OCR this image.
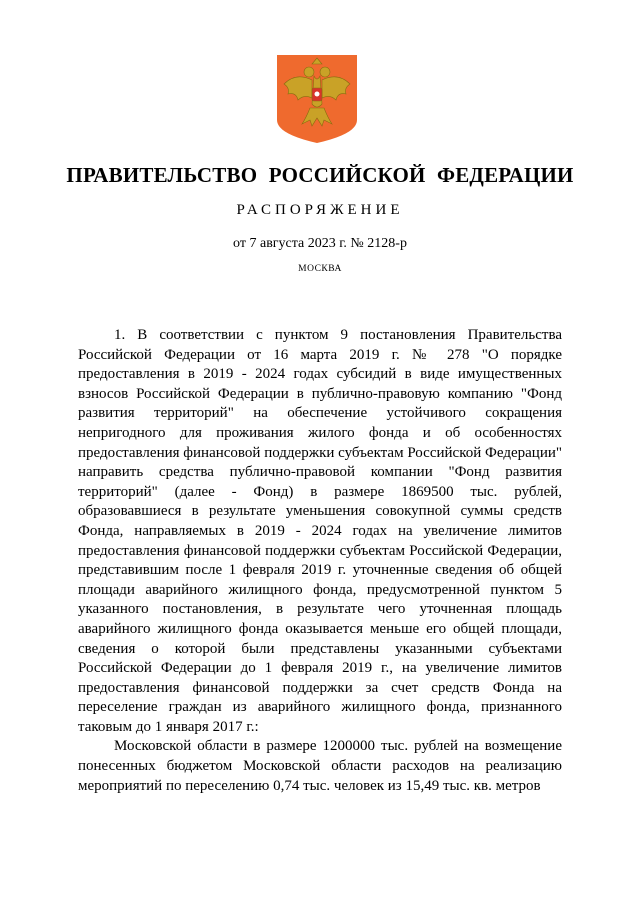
ПРАВИТЕЛЬСТВО РОССИЙСКОЙ ФЕДЕРАЦИИ
РАСПОРЯЖЕНИЕ
от 7 августа 2023 г. № 2128-р
МОСКВА

1. В соответствии с пунктом 9 постановления Правительства Российской Федерации от 16 марта 2019 г. № 278 "О порядке предоставления в 2019 - 2024 годах субсидий в виде имущественных взносов Российской Федерации в публично-правовую компанию "Фонд развития территорий" на обеспечение устойчивого сокращения непригодного для проживания жилого фонда и об особенностях предоставления финансовой поддержки субъектам Российской Федерации" направить средства публично-правовой компании "Фонд развития территорий" (далее - Фонд) в размере 1869500 тыс. рублей, образовавшиеся в результате уменьшения совокупной суммы средств Фонда, направляемых в 2019 - 2024 годах на увеличение лимитов предоставления финансовой поддержки субъектам Российской Федерации, представившим после 1 февраля 2019 г. уточненные сведения об общей площади аварийного жилищного фонда, предусмотренной пунктом 5 указанного постановления, в результате чего уточненная площадь аварийного жилищного фонда оказывается меньше его общей площади, сведения о которой были представлены указанными субъектами Российской Федерации до 1 февраля 2019 г., на увеличение лимитов предоставления финансовой поддержки за счет средств Фонда на переселение граждан из аварийного жилищного фонда, признанного таковым до 1 января 2017 г.:

Московской области в размере 1200000 тыс. рублей на возмещение понесенных бюджетом Московской области расходов на реализацию мероприятий по переселению 0,74 тыс. человек из 15,49 тыс. кв. метров
